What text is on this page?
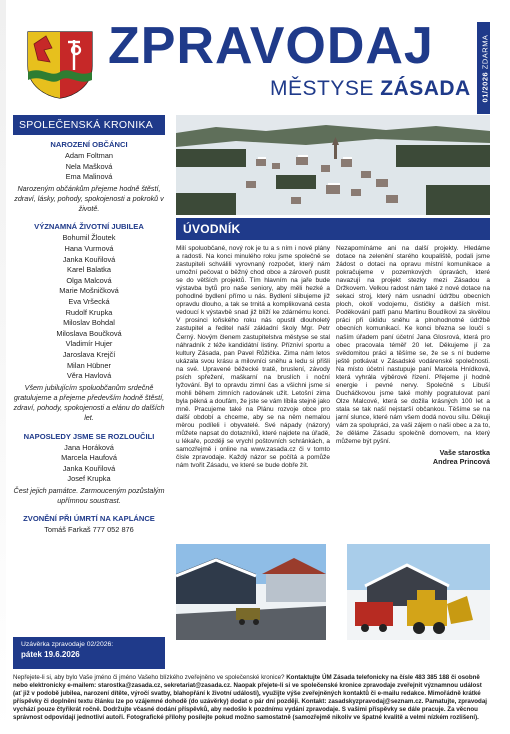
ZPRAVODAJ
MĚSTYSE ZÁSADA 01/2026 ZDARMA
SPOLEČENSKÁ KRONIKA
NAROZENÍ OBČÁNCI
Adam Foltman
Nela Mašková
Ema Malinová
Narozeným občánkům přejeme hodně štěstí, zdraví, lásky, pohody, spokojenosti a pokroků v životě.
VÝZNAMNÁ ŽIVOTNÍ JUBILEA
Bohumil Žloutek
Hana Vurmová
Janka Kouřilová
Karel Balatka
Olga Malcová
Marie Mošničková
Eva Vršecká
Rudolf Krupka
Miloslav Bohdal
Miloslava Boučková
Vladimír Hujer
Jaroslava Krejčí
Milan Hübner
Věra Havlová
Všem jubilujícím spoluobčanům srdečně gratulujeme a přejeme především hodně štěstí, zdraví, pohody, spokojenosti a elánu do dalších let.
NAPOSLEDY JSME SE ROZLOUČILI
Jana Horáková
Marcela Haufová
Janka Kouřilová
Josef Krupka
Čest jejich památce. Zarmouceným pozůstalým upřímnou soustrast.
ZVONĚNÍ PŘI ÚMRTÍ NA KAPLÁNCE
Tomáš Farkaš 777 052 876
Uzávěrka zpravodaje 02/2026:
pátek 19.6.2026
ÚVODNÍK
Milí spoluobčané, nový rok je tu a s ním i nové plány a radosti. Na konci minulého roku jsme společně se zastupiteli schválili vyrovnaný rozpočet, který nám umožní pečovat o běžný chod obce a zároveň pustit se do větších projektů. Tím hlavním na jaře bude výstavba bytů pro naše seniory, aby měli hezké a pohodlné bydlení přímo u nás. Bydlení slibujeme již opravdu dlouho, a tak se trnitá a komplikovaná cesta vedoucí k výstavbě snad již blíží ke zdárnému konci. V prosinci loňského roku nás opustil dlouholetý zastupitel a ředitel naší základní školy Mgr. Petr Černý. Novým členem zastupitelstva městyse se stal náhradník z téže kandidátní listiny. Přízniví sportu a kultury Zásada, pan Pavel Růžička. Zima nám letos ukázala svou krásu a milovníci sněhu a ledu si přišli na své. Upravené běžecké tratě, bruslení, závody psích spřežení, maškarní na bruslích i noční lyžování. Byl to opravdu zimní čas a všichni jsme si mohli během zimních radovánek užít. Letošní zima byla pěkná a doufám, že jste se vám líbila stejně jako mně. Pracujeme také na Plánu rozvoje obce pro další období a chceme, aby se na něm nemalou měrou podíleli i obyvatelé. Své nápady (názory) můžete napsat do dotazníků, které najdete na úřadě, u lékaře, později se vrychl poštovních schránkách, a samozřejmě i online na www.zasada.cz či v tomto čísle zpravodaje. Každý názor se počítá a pomůže nám tvořit Zásadu, ve které se bude dobře žít.
Nezapomínáme ani na další projekty. Hledáme dotace na zelenění starého koupaliště, podali jsme žádost o dotaci na opravu místní komunikace a pokračujeme v pozemkových úpravách, které navazují na projekt stezky mezi Zásadou a Držkovem. Velkou radost nám také z nové dotace na sekaci stroj, který nám usnadní údržbu obecních ploch, okolí vodojemu, čističky a dalších míst. Poděkování patří panu Martinu Boudíkovi za skvělou práci při úklidu sněhu a plnohodnotné údržbě obecních komunikací. Ke konci března se loučí s naším úřadem paní účetní Jana Glosrová, která pro obec pracovala téměř 20 let. Děkujeme jí za svědomitou práci a těšíme se, že se s ní budeme ještě potkávat v Zásadské vodárenské společnosti. Na místo účetní nastupuje paní Marcela Hnídková, která vyhrála výběrové řízení. Přejeme jí hodně energie i pevné nervy. Společně s Libuší Ducháčkovou jsme také mohly pogratulovat paní Olze Malcové, která se dožila krásných 100 let a stala se tak naší nejstarší občankou. Těšíme se na jarní slunce, které nám všem dodá novou sílu. Děkuji vám za spolupráci, za vaši zájem o naši obec a za to, že děláme Zásadu společně domovem, na který můžeme být pyšní.
Vaše starostka
Andrea Princová
Nepřejete-li si, aby bylo Vaše jméno či jméno Vašeho blízkého zveřejněno ve společenské kronice? Kontaktujte ÚM Zásada telefonicky na čísle 483 385 188 či osobně nebo elektronicky e-mailem: starostka@zasada.cz, sekretariat@zasada.cz. Naopak přejete-li si ve společenské kronice zpravodaje zveřejnit významnou událost (ať již v podobě jubilea, narození dítěte, výročí svatby, blahopřání k životní události), využijte výše zveřejněných kontaktů či e-mailu redakce. Mimořádně krátké příspěvky či doplnění textu článku lze po vzájemné dohodě (do uzávěrky) dodat o pár dní později. Kontakt: zasadskyzpravodaj@seznam.cz. Pamatujte, zpravodaj vychází pouze čtyřikrát ročně. Dodržujte včasné dodání příspěvků, aby nedošlo k pozdnímu vydání zpravodaje. S vašimi příspěvky se dále pracuje. Za věcnou správnost odpovídají jednotliví autoři. Fotografické přílohy posílejte pokud možno samostatně (samozřejmě nikoliv ve špatné kvalitě a velmi nízkém rozlišení).
